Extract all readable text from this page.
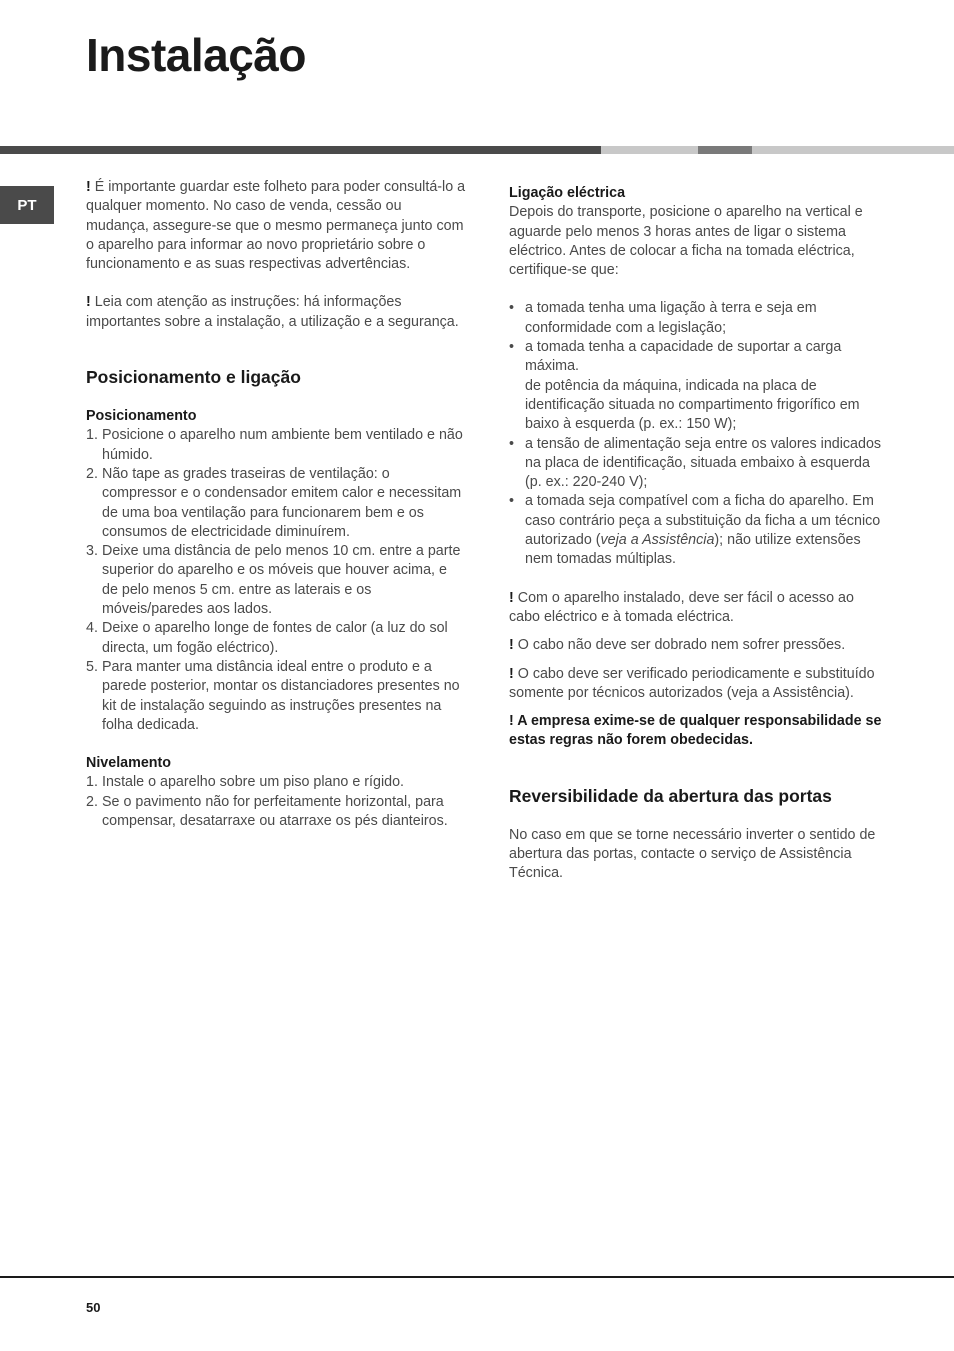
Instalação
PT

! É importante guardar este folheto para poder consultá-lo a qualquer momento. No caso de venda, cessão ou mudança, assegure-se que o mesmo permaneça junto com o aparelho para informar ao novo proprietário sobre o funcionamento e as suas respectivas advertências.

! Leia com atenção as instruções: há informações importantes sobre a instalação, a utilização e a segurança.

Posicionamento e ligação
Posicionamento
1. Posicione o aparelho num ambiente bem ventilado e não húmido.
2. Não tape as grades traseiras de ventilação: o compressor e o condensador emitem calor e necessitam de uma boa ventilação para funcionarem bem e os consumos de electricidade diminuírem.
3. Deixe uma distância de pelo menos 10 cm. entre a parte superior do aparelho e os móveis que houver acima, e de pelo menos 5 cm. entre as laterais e os móveis/paredes aos lados.
4. Deixe o aparelho longe de fontes de calor (a luz do sol directa, um fogão eléctrico).
5. Para manter uma distância ideal entre o produto e a parede posterior, montar os distanciadores presentes no kit de instalação seguindo as instruções presentes na folha dedicada.
Nivelamento
1. Instale o aparelho sobre um piso plano e rígido.
2. Se o pavimento não for perfeitamente horizontal, para compensar, desatarraxe ou atarraxe os pés dianteiros.
Ligação eléctrica

Depois do transporte, posicione o aparelho na vertical e aguarde pelo menos 3 horas antes de ligar o sistema eléctrico. Antes de colocar a ficha na tomada eléctrica, certifique-se que:

• a tomada tenha uma ligação à terra e seja em conformidade com a legislação;
• a tomada tenha a capacidade de suportar a carga máxima.
de potência da máquina, indicada na placa de identificação situada no compartimento frigorífico em baixo à esquerda (p. ex.: 150 W);
• a tensão de alimentação seja entre os valores indicados na placa de identificação, situada embaixo à esquerda (p. ex.: 220-240 V);
• a tomada seja compatível com a ficha do aparelho. Em caso contrário peça a substituição da ficha a um técnico autorizado (veja a Assistência); não utilize extensões nem tomadas múltiplas.

! Com o aparelho instalado, deve ser fácil o acesso ao cabo eléctrico e à tomada eléctrica.

! O cabo não deve ser dobrado nem sofrer pressões.

! O cabo deve ser verificado periodicamente e substituído somente por técnicos autorizados (veja a Assistência).

! A empresa exime-se de qualquer responsabilidade se estas regras não forem obedecidas.

Reversibilidade da abertura das portas

No caso em que se torne necessário inverter o sentido de abertura das portas, contacte o serviço de Assistência Técnica.

50
